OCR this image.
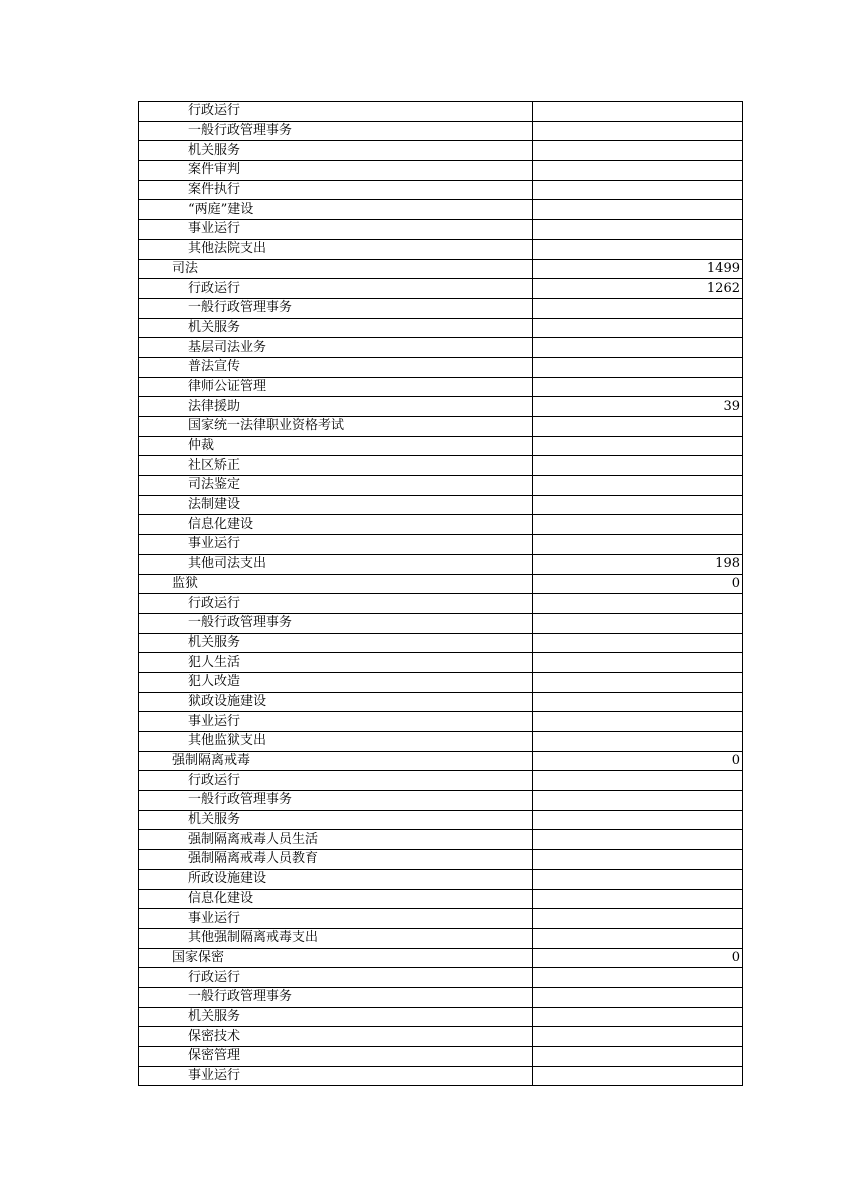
行政运行	
一般行政管理事务	
机关服务	
案件审判	
案件执行	
“两庭”建设	
事业运行	
其他法院支出	
司法	1499
行政运行	1262
一般行政管理事务	
机关服务	
基层司法业务	
普法宣传	
律师公证管理	
法律援助	39
国家统一法律职业资格考试	
仲裁	
社区矫正	
司法鉴定	
法制建设	
信息化建设	
事业运行	
其他司法支出	198
监狱	0
行政运行	
一般行政管理事务	
机关服务	
犯人生活	
犯人改造	
狱政设施建设	
事业运行	
其他监狱支出	
强制隔离戒毒	0
行政运行	
一般行政管理事务	
机关服务	
强制隔离戒毒人员生活	
强制隔离戒毒人员教育	
所政设施建设	
信息化建设	
事业运行	
其他强制隔离戒毒支出	
国家保密	0
行政运行	
一般行政管理事务	
机关服务	
保密技术	
保密管理	
事业运行	
